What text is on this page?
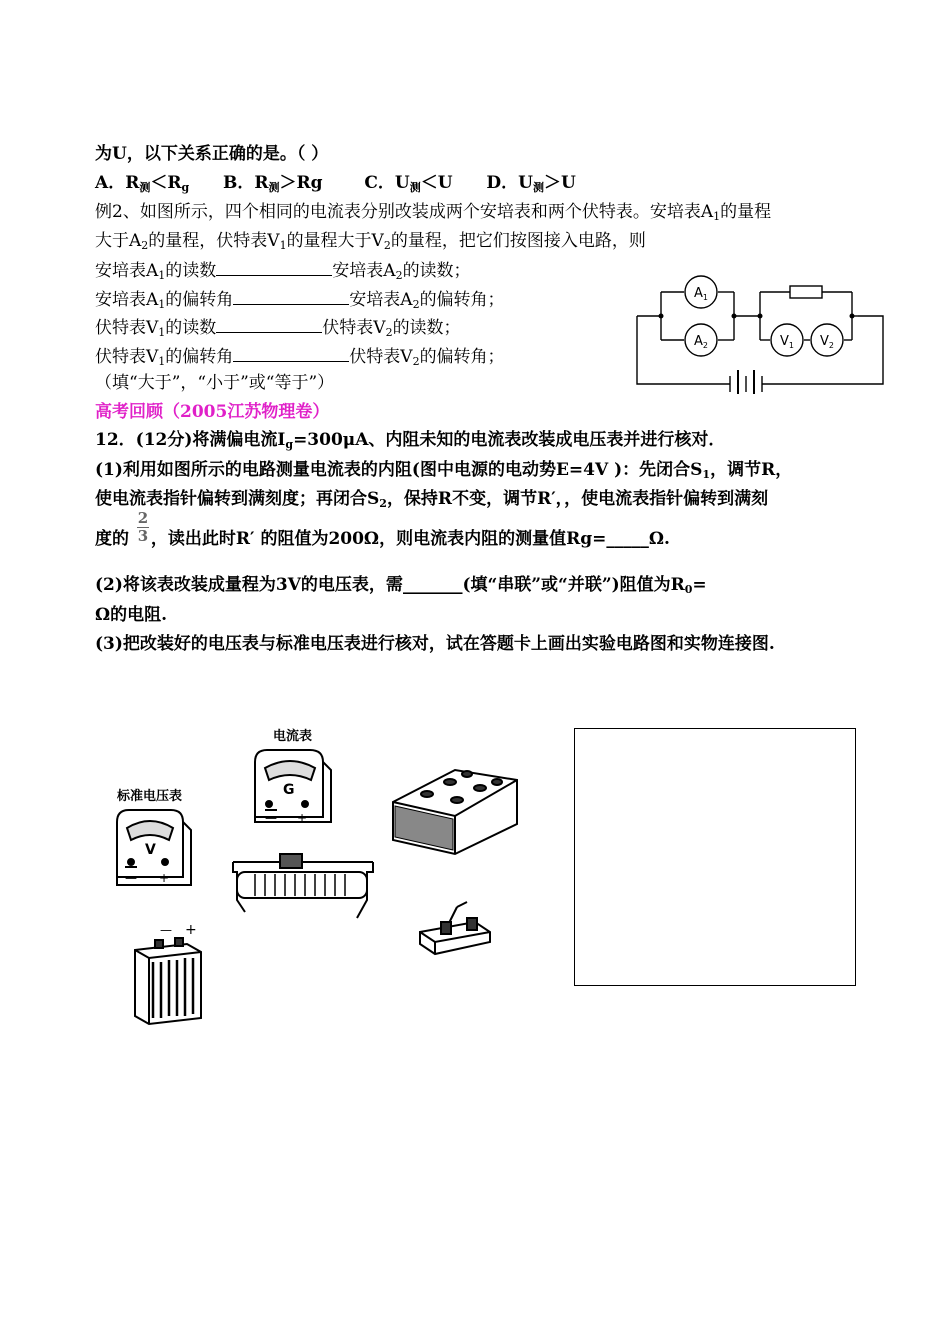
为U，以下关系正确的是。（ ）
A．$R_测<R_g$ B．$R_测>Rg$ C．$U_测<U$ D．$U_测>U$
例2、如图所示，四个相同的电流表分别改装成两个安培表和两个伏特表。安培表$A_1$的量程
大于$A_2$的量程，伏特表$V_1$的量程大于$V_2$的量程，把它们按图接入电路，则
安培表$A_1$的读数	安培表$A_2$的读数；
安培表$A_1$的偏转角	安培表$A_2$的偏转角；
伏特表$V_1$的读数	伏特表$V_2$的读数；
伏特表$V_1$的偏转角	伏特表$V_2$的偏转角；
（填“大于”，“小于”或“等于”）
高考回顾（2005江苏物理卷）
12．(12分)将满偏电流$I_g=300\mu A$、内阻未知的电流表改装成电压表并进行核对．
(1)利用如图所示的电路测量电流表的内阻(图中电源的电动势E=4V )：先闭合$S_1$，调节R，
使电流表指针偏转到满刻度；再闭合$S_2$，保持R不变，调节R′，，使电流表指针偏转到满刻
度的 $\frac{2}{3}$ ，读出此时R′ 的阻值为200Ω，则电流表内阻的测量值Rg=_____Ω.
(2)将该表改装成量程为3V的电压表，需_______(填“串联”或“并联”)阻值为$R_0=$
Ω的电阻.
(3)把改装好的电压表与标准电压表进行核对，试在答题卡上画出实验电路图和实物连接图.
$A_1$
$A_2$	$V_1$ $V_2$
电流表
G
— +
标准电压表
V
— +
— +
